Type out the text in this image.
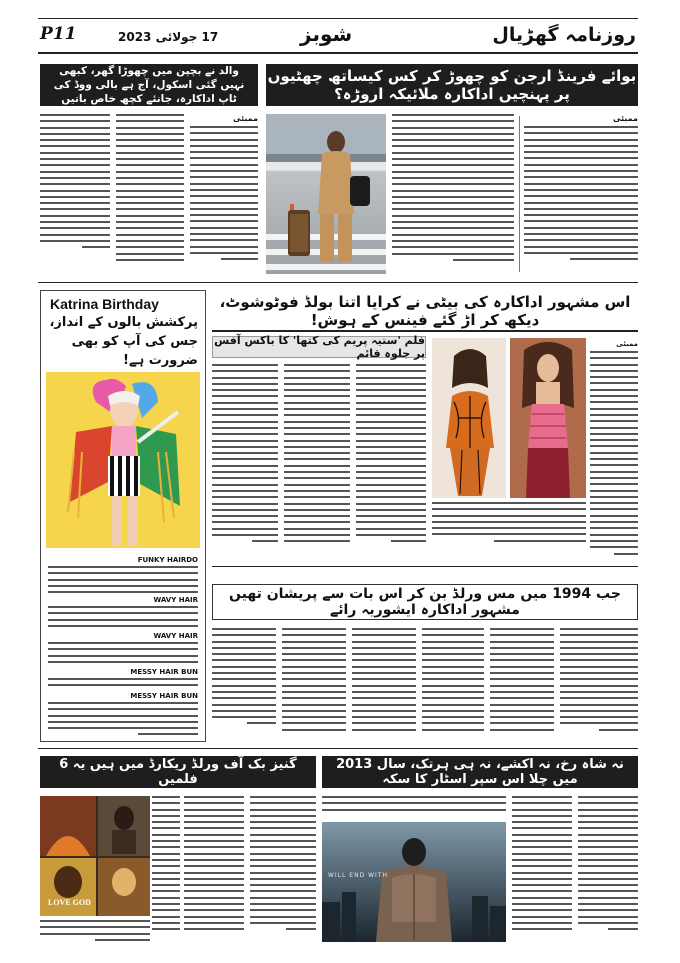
P11	17 جولائی 2023	شوبز	روزنامہ گھڑیال
بوائے فرینڈ ارجن کو چھوڑ کر کس کیساتھ چھٹیوں پر پہنچیں اداکارہ ملائیکہ اروڑہ؟
والد نے بچپن میں چھوڑا گھر، کبھی نہیں گئی اسکول، آج ہے بالی ووڈ کی ٹاپ اداکارہ، جانئے کچھ خاص باتیں
ممبئی
ممبئی
Katrina Birthday
پرکشش بالوں کے انداز، جس کی آپ کو بھی ضرورت ہے!
FUNKY HAIRDO
WAVY HAIR
WAVY HAIR
MESSY HAIR BUN
MESSY HAIR BUN
اس مشہور اداکارہ کی بیٹی نے کرایا اتنا بولڈ فوٹوشوٹ، دیکھ کر اڑ گئے فینس کے ہوش!
ممبئی
فلم 'ستیہ پریم کی کتھا' کا باکس آفس پر جلوہ قائم
جب 1994 میں مس ورلڈ بن کر اس بات سے پریشان تھیں مشہور اداکارہ ایشوریہ رائے
نہ شاہ رخ، نہ اکشے، نہ ہی ہرتک، سال 2013 میں چلا اس سپر اسٹار کا سکہ
گنیز بک آف ورلڈ ریکارڈ میں ہیں یہ 6 فلمیں
WILL END WITH
LOVE GOD
